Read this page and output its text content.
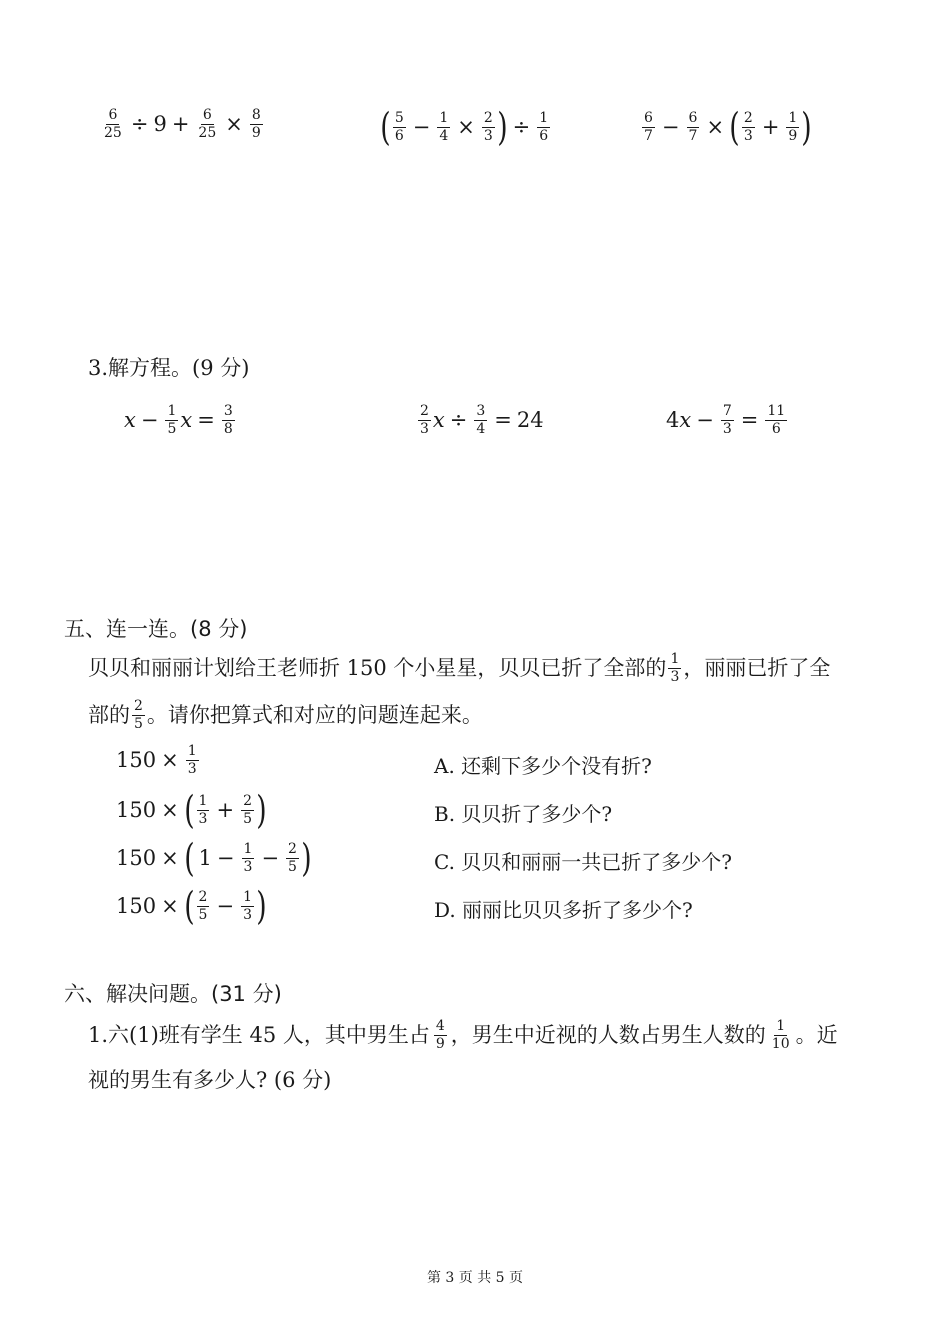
$\frac{6}{25} \div 9 + \frac{6}{25} \times \frac{8}{9}$	( $\frac{5}{6} - \frac{1}{4} \times \frac{2}{3}$ ) ÷ $\frac{1}{6}$	$\frac{6}{7} - \frac{6}{7}$ × ( $\frac{2}{3} + \frac{1}{9}$ )
3.解方程。(9 分)
$x - \frac{1}{5}$ $x = \frac{3}{8}$	$\frac{2}{3}$ $x \div \frac{3}{4} = 24$	4 $x - \frac{7}{3} = \frac{11}{6}$
五、连一连。(8 分)
贝贝和丽丽计划给王老师折 150 个小星星，贝贝已折了全部的 $\frac{1}{3}$ ，丽丽已折了全
部的 $\frac{2}{5}$ 。请你把算式和对应的问题连起来。
$150 \times \frac{1}{3}$
150 × ( $\frac{1}{3} + \frac{2}{5}$ )
150 × ( $1 - \frac{1}{3} - \frac{2}{5}$ )
150 × ( $\frac{2}{5} - \frac{1}{3}$ )
A. 还剩下多少个没有折?
B. 贝贝折了多少个?
C. 贝贝和丽丽一共已折了多少个?
D. 丽丽比贝贝多折了多少个?
六、解决问题。(31 分)
1.六(1)班有学生 45 人，其中男生占 $\frac{4}{9}$ ，男生中近视的人数占男生人数的 $\frac{1}{10}$ 。近
视的男生有多少人? (6 分)
第 3 页 共 5 页
